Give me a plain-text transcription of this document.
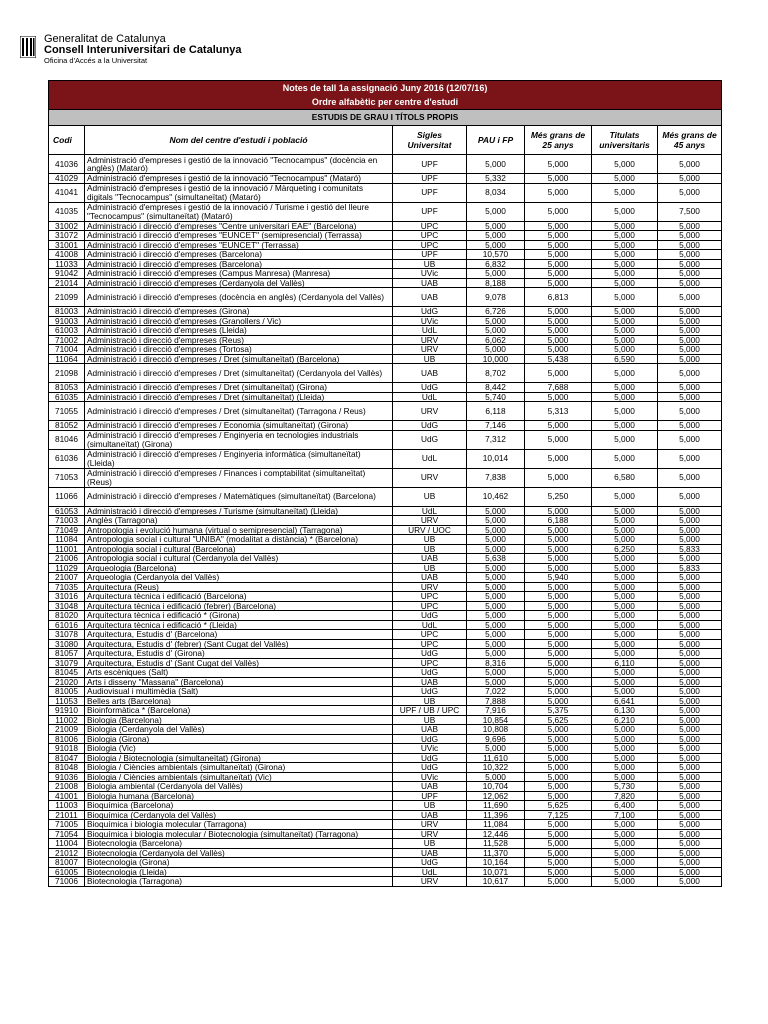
Generalitat de Catalunya
Consell Interuniversitari de Catalunya
Oficina d'Accés a la Universitat
Notes de tall 1a assignació Juny 2016 (12/07/16)						
Ordre alfabètic per centre d'estudi						
ESTUDIS DE GRAU I TÍTOLS PROPIS						
Codi	Nom del centre d'estudi i població	Sigles Universitat	PAU i FP	Més grans de 25 anys	Titulats universitaris	Més grans de 45 anys
41036	Administració d'empreses i gestió de la innovació "Tecnocampus" (docència en anglès) (Mataró)	UPF	5,000	5,000	5,000	5,000
41029	Administració d'empreses i gestió de la innovació "Tecnocampus" (Mataró)	UPF	5,332	5,000	5,000	5,000
41041	Administració d'empreses i gestió de la innovació / Màrqueting i comunitats digitals "Tecnocampus" (simultaneïtat) (Mataró)	UPF	8,034	5,000	5,000	5,000
41035	Administració d'empreses i gestió de la innovació / Turisme i gestió del lleure "Tecnocampus" (simultaneïtat) (Mataró)	UPF	5,000	5,000	5,000	7,500
31002	Administració i direcció d'empreses "Centre universitari EAE" (Barcelona)	UPC	5,000	5,000	5,000	5,000
31072	Administració i direcció d'empreses "EUNCET" (semipresencial) (Terrassa)	UPC	5,000	5,000	5,000	5,000
31001	Administració i direcció d'empreses "EUNCET" (Terrassa)	UPC	5,000	5,000	5,000	5,000
41008	Administració i direcció d'empreses (Barcelona)	UPF	10,570	5,000	5,000	5,000
11033	Administració i direcció d'empreses (Barcelona)	UB	6,832	5,000	5,000	5,000
91042	Administració i direcció d'empreses (Campus Manresa) (Manresa)	UVic	5,000	5,000	5,000	5,000
21014	Administració i direcció d'empreses (Cerdanyola del Vallès)	UAB	8,188	5,000	5,000	5,000
21099	Administració i direcció d'empreses (docència en anglès) (Cerdanyola del Vallès)	UAB	9,078	6,813	5,000	5,000
81003	Administració i direcció d'empreses (Girona)	UdG	6,726	5,000	5,000	5,000
91003	Administració i direcció d'empreses (Granollers / Vic)	UVic	5,000	5,000	5,000	5,000
61003	Administració i direcció d'empreses (Lleida)	UdL	5,000	5,000	5,000	5,000
71002	Administració i direcció d'empreses (Reus)	URV	6,062	5,000	5,000	5,000
71004	Administració i direcció d'empreses (Tortosa)	URV	5,000	5,000	5,000	5,000
11064	Administració i direcció d'empreses / Dret (simultaneïtat) (Barcelona)	UB	10,000	5,438	6,590	5,000
21098	Administració i direcció d'empreses / Dret (simultaneïtat) (Cerdanyola del Vallès)	UAB	8,702	5,000	5,000	5,000
81053	Administració i direcció d'empreses / Dret (simultaneïtat) (Girona)	UdG	8,442	7,688	5,000	5,000
61035	Administració i direcció d'empreses / Dret (simultaneïtat) (Lleida)	UdL	5,740	5,000	5,000	5,000
71055	Administració i direcció d'empreses / Dret (simultaneïtat) (Tarragona / Reus)	URV	6,118	5,313	5,000	5,000
81052	Administració i direcció d'empreses / Economia (simultaneïtat) (Girona)	UdG	7,146	5,000	5,000	5,000
81046	Administració i direcció d'empreses / Enginyeria en tecnologies industrials (simultaneïtat) (Girona)	UdG	7,312	5,000	5,000	5,000
61036	Administració i direcció d'empreses / Enginyeria informàtica (simultaneïtat) (Lleida)	UdL	10,014	5,000	5,000	5,000
71053	Administració i direcció d'empreses / Finances i comptabilitat (simultaneïtat) (Reus)	URV	7,838	5,000	6,580	5,000
11066	Administració i direcció d'empreses / Matemàtiques (simultaneïtat) (Barcelona)	UB	10,462	5,250	5,000	5,000
61053	Administració i direcció d'empreses / Turisme (simultaneïtat) (Lleida)	UdL	5,000	5,000	5,000	5,000
71003	Anglès (Tarragona)	URV	5,000	6,188	5,000	5,000
71049	Antropologia i evolució humana (virtual o semipresencial) (Tarragona)	URV / UOC	5,000	5,000	5,000	5,000
11084	Antropologia social i cultural "UNIBA" (modalitat a distància) * (Barcelona)	UB	5,000	5,000	5,000	5,000
11001	Antropologia social i cultural (Barcelona)	UB	5,000	5,000	6,250	5,833
21006	Antropologia social i cultural (Cerdanyola del Vallès)	UAB	5,638	5,000	5,000	5,000
11029	Arqueologia (Barcelona)	UB	5,000	5,000	5,000	5,833
21007	Arqueologia (Cerdanyola del Vallès)	UAB	5,000	5,940	5,000	5,000
71035	Arquitectura (Reus)	URV	5,000	5,000	5,000	5,000
31016	Arquitectura tècnica i edificació (Barcelona)	UPC	5,000	5,000	5,000	5,000
31048	Arquitectura tècnica i edificació (febrer) (Barcelona)	UPC	5,000	5,000	5,000	5,000
81020	Arquitectura tècnica i edificació * (Girona)	UdG	5,000	5,000	5,000	5,000
61016	Arquitectura tècnica i edificació * (Lleida)	UdL	5,000	5,000	5,000	5,000
31078	Arquitectura, Estudis d' (Barcelona)	UPC	5,000	5,000	5,000	5,000
31080	Arquitectura, Estudis d' (febrer) (Sant Cugat del Vallès)	UPC	5,000	5,000	5,000	5,000
81057	Arquitectura, Estudis d' (Girona)	UdG	5,000	5,000	5,000	5,000
31079	Arquitectura, Estudis d' (Sant Cugat del Vallès)	UPC	8,316	5,000	6,110	5,000
81045	Arts escèniques (Salt)	UdG	5,000	5,000	5,000	5,000
21020	Arts i disseny "Massana" (Barcelona)	UAB	5,000	5,000	5,000	5,000
81005	Audiovisual i multimèdia (Salt)	UdG	7,022	5,000	5,000	5,000
11053	Belles arts (Barcelona)	UB	7,888	5,000	6,641	5,000
91910	Bioinformàtica * (Barcelona)	UPF / UB / UPC	7,916	5,375	6,130	5,000
11002	Biologia (Barcelona)	UB	10,854	5,625	6,210	5,000
21009	Biologia (Cerdanyola del Vallès)	UAB	10,808	5,000	5,000	5,000
81006	Biologia (Girona)	UdG	9,696	5,000	5,000	5,000
91018	Biologia (Vic)	UVic	5,000	5,000	5,000	5,000
81047	Biologia / Biotecnologia (simultaneïtat) (Girona)	UdG	11,610	5,000	5,000	5,000
81048	Biologia / Ciències ambientals (simultaneïtat) (Girona)	UdG	10,322	5,000	5,000	5,000
91036	Biologia / Ciències ambientals (simultaneïtat) (Vic)	UVic	5,000	5,000	5,000	5,000
21008	Biologia ambiental (Cerdanyola del Vallès)	UAB	10,704	5,000	5,730	5,000
41001	Biologia humana (Barcelona)	UPF	12,062	5,000	7,820	5,000
11003	Bioquímica (Barcelona)	UB	11,690	5,625	6,400	5,000
21011	Bioquímica (Cerdanyola del Vallès)	UAB	11,396	7,125	7,100	5,000
71005	Bioquímica i biologia molecular (Tarragona)	URV	11,084	5,000	5,000	5,000
71054	Bioquímica i biologia molecular / Biotecnologia (simultaneïtat) (Tarragona)	URV	12,446	5,000	5,000	5,000
11004	Biotecnologia (Barcelona)	UB	11,528	5,000	5,000	5,000
21012	Biotecnologia (Cerdanyola del Vallès)	UAB	11,370	5,000	5,000	5,000
81007	Biotecnologia (Girona)	UdG	10,164	5,000	5,000	5,000
61005	Biotecnologia (Lleida)	UdL	10,071	5,000	5,000	5,000
71006	Biotecnologia (Tarragona)	URV	10,617	5,000	5,000	5,000
